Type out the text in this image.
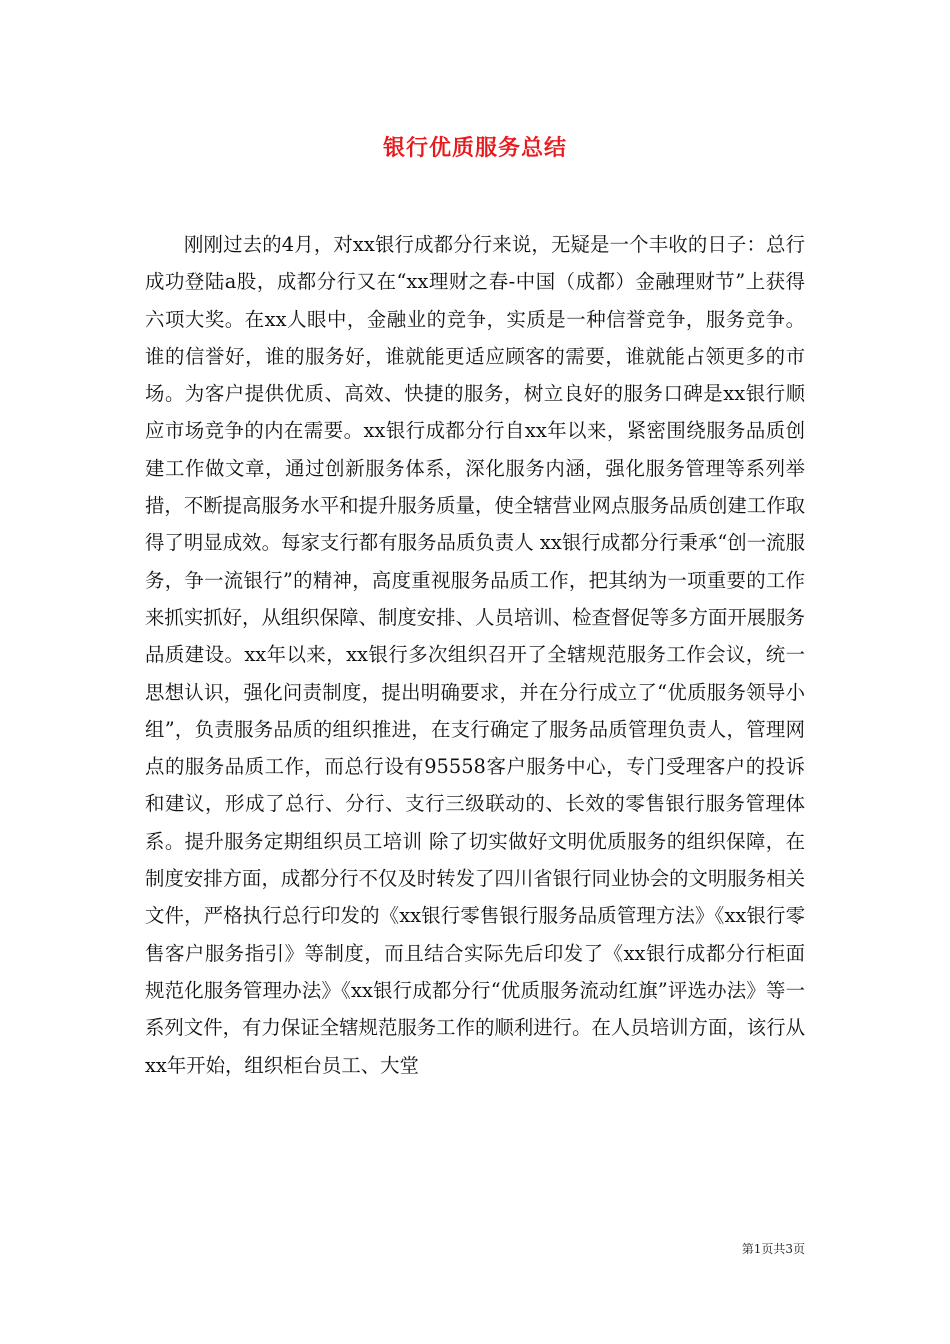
银行优质服务总结

刚刚过去的4月，对xx银行成都分行来说，无疑是一个丰收的日子：总行成功登陆a股，成都分行又在“xx理财之春-中国（成都）金融理财节”上获得六项大奖。在xx人眼中，金融业的竞争，实质是一种信誉竞争，服务竞争。谁的信誉好，谁的服务好，谁就能更适应顾客的需要，谁就能占领更多的市场。为客户提供优质、高效、快捷的服务，树立良好的服务口碑是xx银行顺应市场竞争的内在需要。xx银行成都分行自xx年以来，紧密围绕服务品质创建工作做文章，通过创新服务体系，深化服务内涵，强化服务管理等系列举措，不断提高服务水平和提升服务质量，使全辖营业网点服务品质创建工作取得了明显成效。每家支行都有服务品质负责人 xx银行成都分行秉承“创一流服务，争一流银行”的精神，高度重视服务品质工作，把其纳为一项重要的工作来抓实抓好，从组织保障、制度安排、人员培训、检查督促等多方面开展服务品质建设。xx年以来，xx银行多次组织召开了全辖规范服务工作会议，统一思想认识，强化问责制度，提出明确要求，并在分行成立了“优质服务领导小组”，负责服务品质的组织推进，在支行确定了服务品质管理负责人，管理网点的服务品质工作，而总行设有95558客户服务中心，专门受理客户的投诉和建议，形成了总行、分行、支行三级联动的、长效的零售银行服务管理体系。提升服务定期组织员工培训 除了切实做好文明优质服务的组织保障，在制度安排方面，成都分行不仅及时转发了四川省银行同业协会的文明服务相关文件，严格执行总行印发的《xx银行零售银行服务品质管理方法》《xx银行零售客户服务指引》等制度，而且结合实际先后印发了《xx银行成都分行柜面规范化服务管理办法》《xx银行成都分行“优质服务流动红旗”评选办法》等一系列文件，有力保证全辖规范服务工作的顺利进行。在人员培训方面，该行从xx年开始，组织柜台员工、大堂

第1页共3页
